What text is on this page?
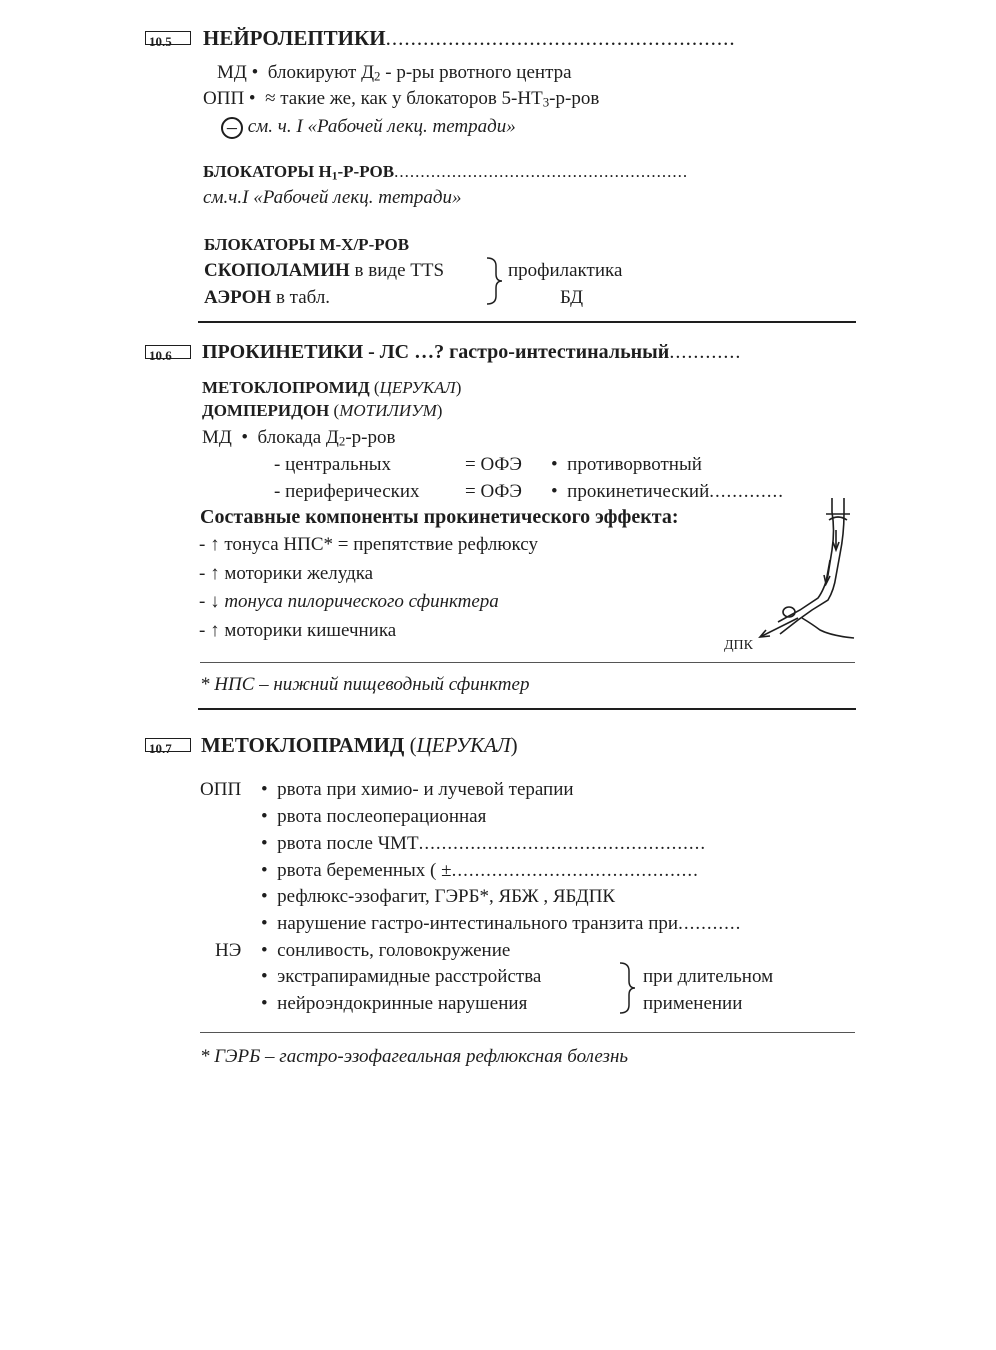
10.5	НЕЙРОЛЕПТИКИ........................................................
МД •  блокируют $Д_2 - р-ры$ рвотного центра
ОПП •  ≈ такие же, как у блокаторов $5-НТ_3-р$-ров
− см. ч. I «Рабочей лекц. тетради»
БЛОКАТОРЫ $Н_1-Р$-РОВ........................................................
см.ч.I «Рабочей лекц. тетради»
БЛОКАТОРЫ М-Х/Р-РОВ
СКОПОЛАМИН в виде TTS
АЭРОН в табл.
профилактика
БД
10.6	ПРОКИНЕТИКИ - ЛС …? гастро-интестинальный............
МЕТОКЛОПРОМИД (ЦЕРУКАЛ)
ДОМПЕРИДОН (МОТИЛИУМ)
МД  •  блокада $Д_2-р$-ров
- центральных	= ОФЭ •  противорвотный
- периферических = ОФЭ •  прокинетический.............
Составные компоненты прокинетического эффекта:
- ↑ тонуса НПС* = препятствие рефлюксу
- ↑ моторики желудка
- ↓ тонуса пилорического сфинктера
- ↑ моторики кишечника
ДПК
* НПС – нижний пищеводный сфинктер
10.7	МЕТОКЛОПРАМИД (ЦЕРУКАЛ)
ОПП •  рвота при химио- и лучевой терапии
•  рвота послеоперационная
•  рвота после ЧМТ..................................................
•  рвота беременных ( ±...........................................
•  рефлюкс-эзофагит, ГЭРБ*, ЯБЖ , ЯБДПК
•  нарушение гастро-интестинального транзита при...........
НЭ •  сонливость, головокружение
•  экстрапирамидные расстройства
•  нейроэндокринные нарушения
при длительном
применении
* ГЭРБ – гастро-эзофагеальная рефлюксная болезнь
